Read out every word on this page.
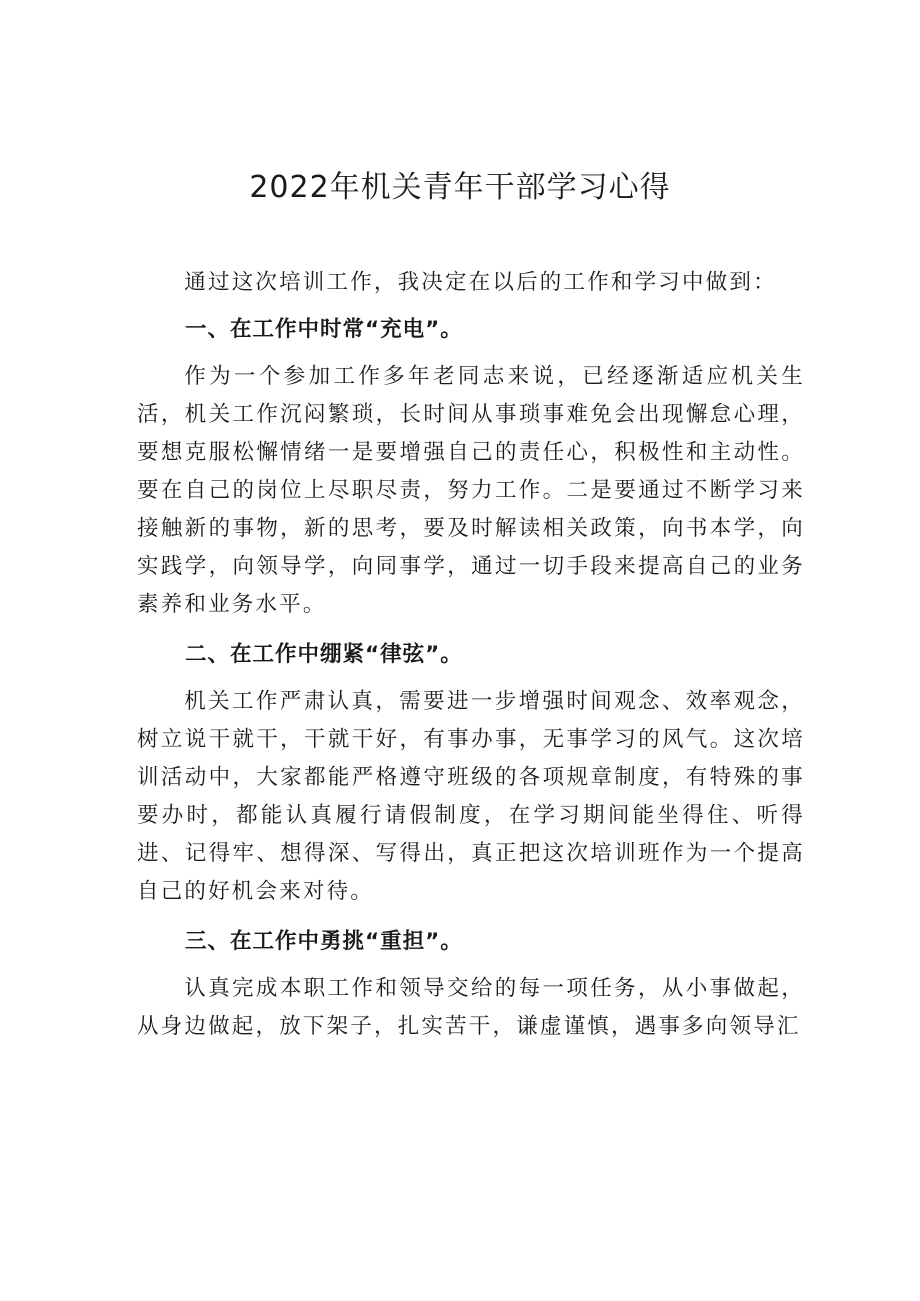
2022年机关青年干部学习心得

通过这次培训工作，我决定在以后的工作和学习中做到：

一、在工作中时常“充电”。

作为一个参加工作多年老同志来说，已经逐渐适应机关生活，机关工作沉闷繁琐，长时间从事琐事难免会出现懈怠心理，要想克服松懈情绪一是要增强自己的责任心，积极性和主动性。要在自己的岗位上尽职尽责，努力工作。二是要通过不断学习来接触新的事物，新的思考，要及时解读相关政策，向书本学，向实践学，向领导学，向同事学，通过一切手段来提高自己的业务素养和业务水平。

二、在工作中绷紧“律弦”。

机关工作严肃认真，需要进一步增强时间观念、效率观念，树立说干就干，干就干好，有事办事，无事学习的风气。这次培训活动中，大家都能严格遵守班级的各项规章制度，有特殊的事要办时，都能认真履行请假制度，在学习期间能坐得住、听得进、记得牢、想得深、写得出，真正把这次培训班作为一个提高自己的好机会来对待。

三、在工作中勇挑“重担”。

认真完成本职工作和领导交给的每一项任务，从小事做起，从身边做起，放下架子，扎实苦干，谦虚谨慎，遇事多向领导汇
